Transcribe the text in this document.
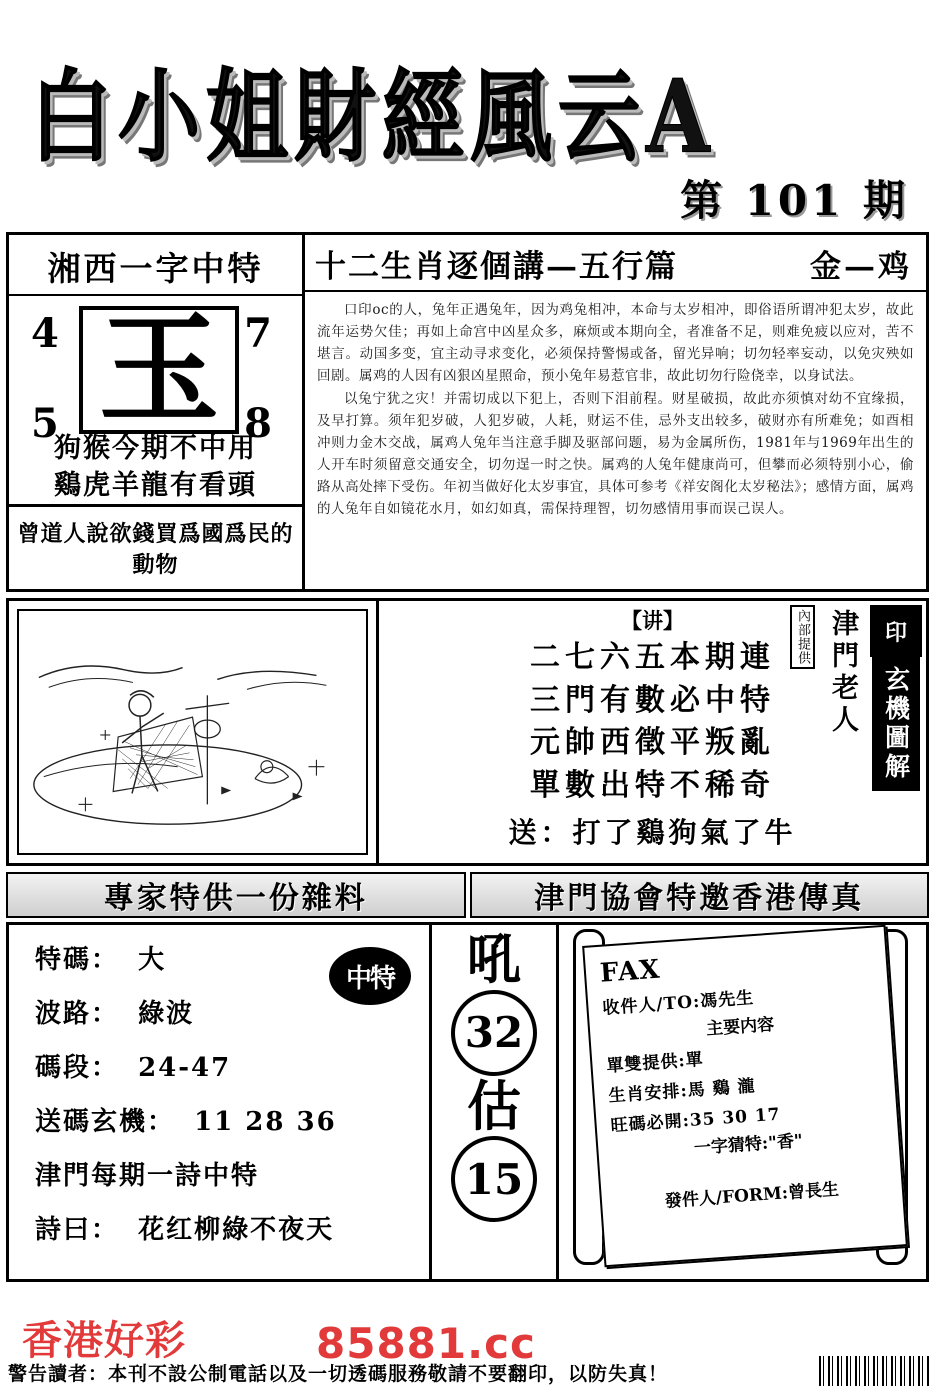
白小姐財經風云A
第 101 期
湘西一字中特
4	7
5	8
玉
狗猴今期不中用
鷄虎羊龍有看頭
曾道人說欲錢買爲國爲民的動物
十二生肖逐個講—五行篇	金—鸡

口印oc的人，兔年正遇兔年，因为鸡兔相冲，本命与太岁相冲，即俗语所谓冲犯太岁，故此流年运势欠佳；再如上命宫中凶星众多，麻烦或本期向全，者准备不足，则难免疲以应对，苦不堪言。动国多变，宜主动寻求变化，必须保持警惕或备，留光异响；切勿轻率妄动，以免灾殃如回剧。属鸡的人因有凶狠凶星照命，预小兔年易惹官非，故此切勿行险侥幸，以身试法。

以兔宁犹之灾！并需切成以下犯上，否则下泪前程。财星破损，故此亦须慎对幼不宜缘损，及早打算。须年犯岁破，人犯岁破，人耗，财运不佳，忌外支出较多，破财亦有所难免；如酉相冲则力金木交战，属鸡人兔年当注意手脚及驱部问题，易为金属所伤，1981年与1969年出生的人开车时须留意交通安全，切勿逞一时之快。属鸡的人兔年健康尚可，但攀而必须特别小心，偷路从高处摔下受伤。年初当做好化太岁事宜，具体可参考《祥安阁化太岁秘法》；感情方面，属鸡的人兔年自如镜花水月，如幻如真，需保持理智，切勿感情用事而误己误人。

【讲】
二七六五本期連
三門有數必中特
元帥西徵平叛亂
單數出特不稀奇
送：打了鷄狗氣了牛
內部提供 津門老人	印
玄機圖解
專家特供一份雜料	津門協會特邀香港傳真
特碼： 大
波路： 綠波
碼段： 24-47
送碼玄機： 11 28 36
津門每期一詩中特
詩曰： 花红柳綠不夜天
中特	吼
32
估
15
FAX
收件人/TO:馮先生
主要内容
單雙提供:單
生肖安排:馬 鷄 瀧
旺碼必開:35 30 17
一字猜特:"香"
發件人/FORM:曾長生
香港好彩	85881.cc
警告讀者：本刊不設公制電話以及一切透碼服務敬請不要翻印，以防失真！
